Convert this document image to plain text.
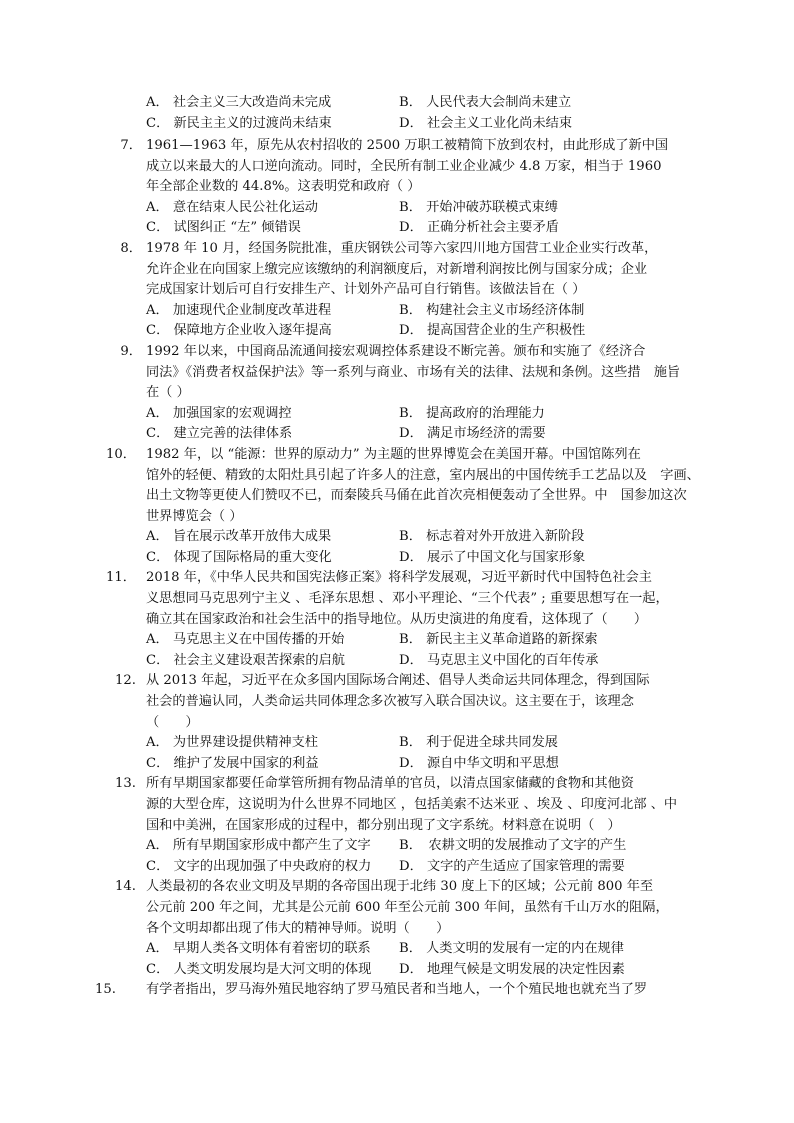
A． 社会主义三大改造尚未完成	B． 人民代表大会制尚未建立
C． 新民主主义的过渡尚未结束	D． 社会主义工业化尚未结束
7． 1961—1963 年，原先从农村招收的 2500 万职工被精简下放到农村，由此形成了新中国
成立以来最大的人口逆向流动。同时，全民所有制工业企业减少 4.8 万家，相当于 1960
年全部企业数的 44.8%。这表明党和政府（ ）
A． 意在结束人民公社化运动	B． 开始冲破苏联模式束缚
C． 试图纠正 “左” 倾错误	D． 正确分析社会主要矛盾
8． 1978 年 10 月，经国务院批准，重庆钢铁公司等六家四川地方国营工业企业实行改革，
允许企业在向国家上缴完应该缴纳的利润额度后，对新增利润按比例与国家分成；企业
完成国家计划后可自行安排生产、计划外产品可自行销售。该做法旨在（ ）
A． 加速现代企业制度改革进程	B． 构建社会主义市场经济体制
C． 保障地方企业收入逐年提高	D． 提高国营企业的生产积极性
9． 1992 年以来，中国商品流通间接宏观调控体系建设不断完善。颁布和实施了《经济合
同法》《消费者权益保护法》等一系列与商业、市场有关的法律、法规和条例。这些措　施旨
在（ ）
A． 加强国家的宏观调控	B． 提高政府的治理能力
C． 建立完善的法律体系	D． 满足市场经济的需要
10． 1982 年，以 “能源：世界的原动力” 为主题的世界博览会在美国开幕。中国馆陈列在
馆外的轻便、精致的太阳灶具引起了许多人的注意，室内展出的中国传统手工艺品以及　字画、
出土文物等更使人们赞叹不已，而秦陵兵马俑在此首次亮相便轰动了全世界。中　国参加这次
世界博览会（ ）
A． 旨在展示改革开放伟大成果	B． 标志着对外开放进入新阶段
C． 体现了国际格局的重大变化	D． 展示了中国文化与国家形象
11． 2018 年，《中华人民共和国宪法修正案》将科学发展观，习近平新时代中国特色社会主
义思想同马克思列宁主义 、毛泽东思想 、邓小平理论、“三个代表” ; 重要思想写在一起，
确立其在国家政治和社会生活中的指导地位。从历史演进的角度看，这体现了（　　）
A． 马克思主义在中国传播的开始	B． 新民主主义革命道路的新探索
C． 社会主义建设艰苦探索的启航	D． 马克思主义中国化的百年传承
12. 从 2013 年起，习近平在众多国内国际场合阐述、倡导人类命运共同体理念，得到国际
社会的普遍认同，人类命运共同体理念多次被写入联合国决议。这主要在于，该理念
（　　）
A． 为世界建设提供精神支柱	B． 利于促进全球共同发展
C． 维护了发展中国家的利益	D． 源自中华文明和平思想
13. 所有早期国家都要任命掌管所拥有物品清单的官员，以清点国家储藏的食物和其他资
源的大型仓库，这说明为什么世界不同地区 ，包括美索不达米亚 、埃及 、印度河北部 、中
国和中美洲，在国家形成的过程中，都分别出现了文字系统。材料意在说明（　）
A． 所有早期国家形成中都产生了文字	B．　农耕文明的发展推动了文字的产生
C． 文字的出现加强了中央政府的权力	D． 文字的产生适应了国家管理的需要
14. 人类最初的各农业文明及早期的各帝国出现于北纬 30 度上下的区域；公元前 800 年至
公元前 200 年之间，尤其是公元前 600 年至公元前 300 年间，虽然有千山万水的阻隔，
各个文明却都出现了伟大的精神导师。说明（　　）
A． 早期人类各文明体有着密切的联系	B． 人类文明的发展有一定的内在规律
C． 人类文明发展均是大河文明的体现	D． 地理气候是文明发展的决定性因素
15.	有学者指出，罗马海外殖民地容纳了罗马殖民者和当地人，一个个殖民地也就充当了罗
